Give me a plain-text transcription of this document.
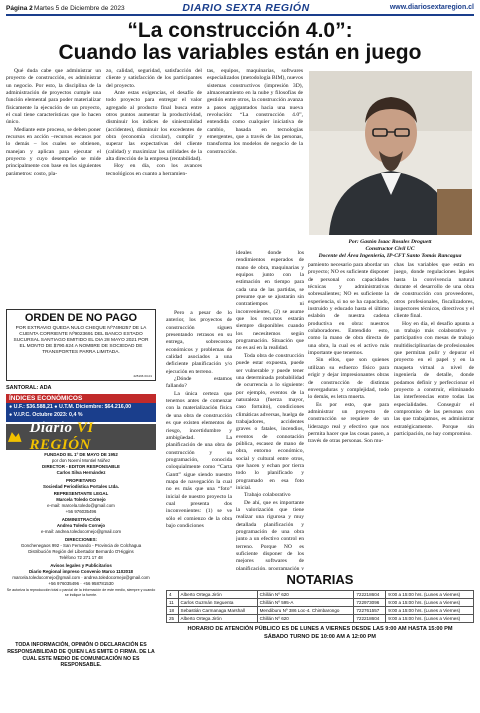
Página 2
- Martes 5 de Diciembre de 2023	DIARIO SEXTA REGIÓN	www.diariosextaregion.cl
“La construcción 4.0”:
Cuando las variables están en juego

Qué duda cabe que administrar un proyecto de construcción, es administrar un negocio. Por esto, la disciplina de la administración de proyectos cumple una función elemental para poder materializar físicamente la ejecución de un proyecto, el cual tiene características que lo hacen único.

Mediante este proceso, se deben poner recursos en acción –recursos escasos por lo demás – los cuales se obtienen, manejan y aplican para ejecutar el proyecto y cuyo desempeño se mide principalmente con base en los siguientes parámetros: costo, pla-

zo, calidad, seguridad, satisfacción del cliente y satisfacción de los participantes del proyecto.

Ante estas exigencias, el desafío de todo proyecto para entregar el valor agregado al producto final busca entre otros puntos aumentar la productividad, disminuir los índices de siniestralidad (accidentes), disminuir los excedentes de obra (economía circular), cumplir y superar las expectativas del cliente (calidad) y maximizar las utilidades de la alta dirección de la empresa (rentabilidad).

Hoy en día, con los avances tecnológicos en cuanto a herramien-

Pero a pesar de lo anterior, los proyectos de construcción siguen presentando retrasos en su entrega, sobrecostos económicos y problemas de calidad asociados a una deficiente planificación y/o ejecución en terreno.

¿Dónde estamos fallando?

La única certeza que tenemos antes de comenzar con la materialización física de una obra de construcción es que existen elementos de riesgo, incertidumbre y ambigüedad. La planificación de una obra de construcción y su programación, conocida coloquialmente como “Carta Gantt” sigue siendo nuestro mapa de navegación la cual no es más que una “foto” inicial de nuestro proyecto la cual presenta dos inconvenientes: (1) se ve sólo el comienzo de la obra bajo condiciones

tas, equipos, maquinarias, softwares especializados (metodología BIM), nuevos sistemas constructivos (impresión 3D), almacenamiento en la nube y filosofías de gestión entre otros, la construcción avanza a pasos agigantados hacia una nueva revolución: “La construcción 4.0”, entendida como cualquier iniciativa de cambio, basada en tecnologías emergentes, que a través de las personas, transforma los modelos de negocio de la construcción.

ideales donde los rendimientos esperados de mano de obra, maquinarias y equipos junto con la estimación en tiempo para cada una de las partidas, se presume que se ajustarán sin contratiempos ni inconvenientes, (2) se asume que los recursos estarán siempre disponibles cuando los necesitemos según programación. Situación que no es así en la realidad.

Toda obra de construcción puede estar expuesta, puede ser vulnerable y puede tener una determinada probabilidad de ocurrencia a lo siguiente: por ejemplo, eventos de la naturaleza (fuerza mayor, caso fortuito), condiciones climáticas adversas, huelga de trabajadores, accidentes graves o fatales, incendios, eventos de connotación pública, escasez de mano de obra, entorno económico, social y cultural entre otros, que hacen y echan por tierra todo lo planificado y programado en esa foto inicial.

Trabajo colaborativo

De ahí, que es importante la valorización que tiene realizar una rigurosa y muy detallada planificación y programación de una obra junto a un efectivo control en terreno. Porque NO es suficiente disponer de los mejores softwares de planificación, programación y

pamiento necesario para abordar un proyecto; NO es suficiente disponer de personal con capacidades técnicas y administrativas sobresalientes; NO es suficiente la experiencia, si no se ha capacitado, instruido y educado hasta el último eslabón de nuestra cadena productiva en obra: nuestros colaboradores. Entendido esto, como la mano de obra directa de una obra, la cual es el activo más importante que tenemos.

Sin ellos, que son quienes utilizan su esfuerzo físico para erigir y dejar impresionantes obras de construcción de distintas envergaduras y complejidad, todo lo demás, es letra muerta.

Es por esto, que para administrar un proyecto de construcción se requiere de un liderazgo real y efectivo que nos permita hacer que las cosas pasen, a través de otras personas. Son mu-

chas las variables que están en juego, donde regulaciones legales hasta la convivencia natural durante el desarrollo de una obra de construcción con proveedores, otros profesionales, fiscalizadores, inspectores técnicos, directivos y el cliente final.

Hoy en día, el desafío apunta a un trabajo más colaborativo y participativo con mesas de trabajo multidisciplinarias de profesionales que permitan pulir y depurar el proyecto en el papel y en la maqueta virtual a nivel de ingeniería de detalle, donde podamos definir y perfeccionar el proyecto a construir, eliminando las interferencias entre todas las especialidades. Conseguir el compromiso de las personas con las que trabajamos, es administrar estratégicamente. Porque sin participación, no hay compromiso.

Por: Gastón Isaac Rosales Droguett
Constructor Civil UC
Docente del Área Ingeniería, IP-CFT Santo Tomás Rancagua
ORDEN DE NO PAGO
POR EXTRAVIO QUEDA NULO CHEQUE Nº7496257 DE LA CUENTA CORRIENTE Nº9023691 DEL BANCO ESTADO SUCURSAL SANTIAGO EMITIDO EL DIA 28 MAYO 2021 POR EL MONTO DE $790.624 A NOMBRE DE SOCIEDAD DE TRANSPORTES PARRA LIMITADA.
225196 03-01
SANTORAL: ADA
ÍNDICES ECONÓMICOS
● U.F.: $36.588,21 ● U.T.M. Diciembre: $64.216,00
● V.I.P.C. Octubre 2023: 0,4 %
Diario VI REGIÓN
FUNDADO EL 1º DE MAYO DE 1952
por don Noemí Montiel Núñez
DIRECTOR - EDITOR RESPONSABLE
Carlos Silva Hernández
PROPIETARIO
Sociedad Periodística Portales Ltda.
REPRESENTANTE LEGAL
Marcela Toledo Cornejo
e-mail: marcela.toledo@gmail.com
+56 976035496
ADMINISTRACIÓN
Andrea Toledo Cornejo
e-mail: andrea.toledocornejo@gmail.com
DIRECCIONES:
Gonchenegaos 992 - San Fernando - Provincia de Colchagua
Distribución Región del Libertador Bernardo O'Higgins
Teléfono 72 271 17 48
Avisos legales y Publicitarios
Diario Regional impreso Convenio Marco 1102018
marcela.toledocornejo@gmail.com · andrea.toledocornejo@gmail.com
+56 976035496 · +56 958781530
Se autoriza la reproducción total o parcial de la información de este medio, siempre y cuando se indique la fuente.
TODA INFORMACIÓN, OPINIÓN O DECLARACIÓN ES RESPONSABILIDAD DE QUIEN LAS EMITE O FIRMA. DE LA CUAL ESTE MEDIO DE COMUNICACIÓN NO ES RESPONSABLE.
NOTARIAS
4	Alberto Ortega Jirón	Chillán Nº 620	722218604	9:00 a 15:00 hrs. (Lunes a Viernes)
11	Carlos Guzmán Seguenta	Chillán Nº 595-A	722973096	9:00 a 15:00 hrs. (Lunes a Viernes)
18	Sebastián Carmanaga Marshall	Mendiburu Nº 386 Loc-4. Chimbarongo	722761557	9:00 a 15:00 hrs. (Lunes a Viernes)
25	Alberto Ortega Jirón	Chillán Nº 620	722218604	9:00 a 15:00 hrs. (Lunes a Viernes)
HORARIO DE ATENCIÓN PÚBLICO ES DE LUNES A VIERNES DESDE LAS 9:00 AM HASTA 15:00 PM
SÁBADO TURNO DE 10:00 AM A 12:00 PM
